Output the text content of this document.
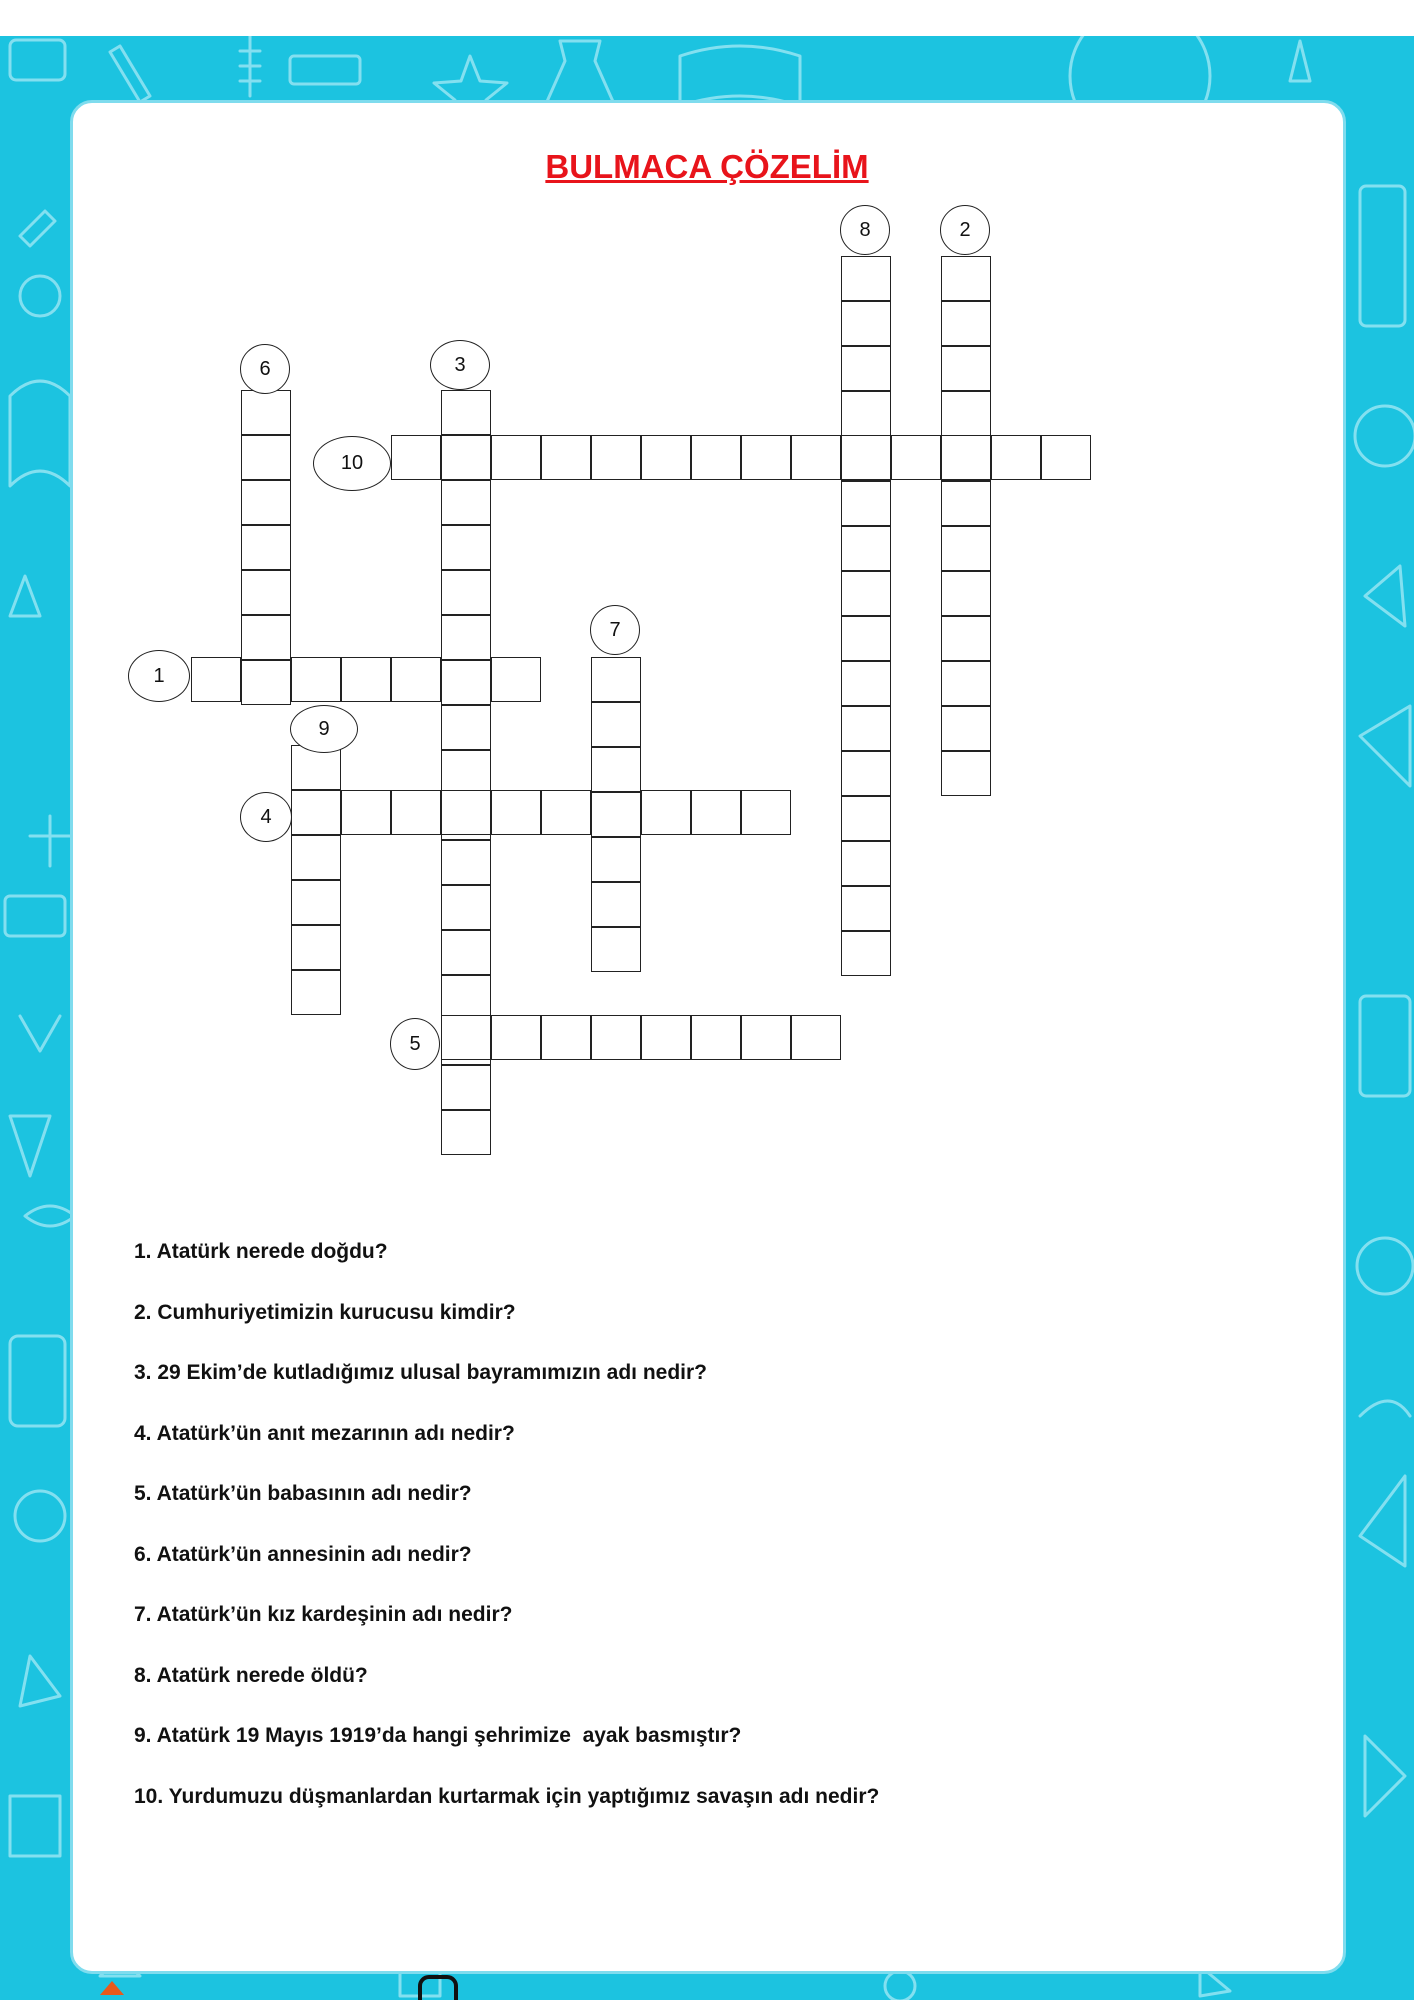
BULMACA ÇÖZELİM
1
2
3
4
5
6
7
8
9
10
1. Atatürk nerede doğdu?
2. Cumhuriyetimizin kurucusu kimdir?
3. 29 Ekim’de kutladığımız ulusal bayramımızın adı nedir?
4. Atatürk’ün anıt mezarının adı nedir?
5. Atatürk’ün babasının adı nedir?
6. Atatürk’ün annesinin adı nedir?
7. Atatürk’ün kız kardeşinin adı nedir?
8. Atatürk nerede öldü?
9. Atatürk 19 Mayıs 1919’da hangi şehrimize  ayak basmıştır?
10. Yurdumuzu düşmanlardan kurtarmak için yaptığımız savaşın adı nedir?
